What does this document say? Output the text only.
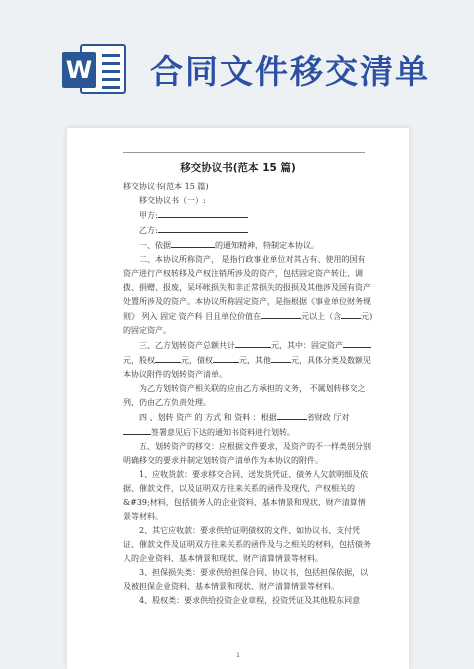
W 合同文件移交清单
移交协议书(范本 15 篇)

移交协议书(范本 15 篇)

移交协议书（一）:

甲方:

乙方:

一、依据	的通知精神，特制定本协议。

二、本协议所称资产， 是指行政事业单位对其占有、使用的国有资产进行产权转移及产权注销所涉及的资产，包括固定资产转让、调拨、捐赠、报废，呆坏帐损失和非正常损失的报损及其他涉及国有资产处置所涉及的资产。本协议所称固定资产，是指根据《事业单位财务规则》 列入 固定 资产科 目且单位价值在	元以上（含	元)的固定资产。

三、乙方划转资产总额共计	元，其中：固定资产元，股权	元，债权	元，其他	元，具体分类及数额见本协议附件的划转资产清单。

为乙方划转资产相关联的应由乙方承担的义务， 不属划转移交之列，仍由乙方负责处理。

四 、划转 资产 的 方式 和 资料 ：根据	省财政 厅对签署意见后下达的通知书资料进行划转。

五、划转资产的移交：应根据文件要求，及资产的不一样类别分别明确移交的要求并制定划转资产清单作为本协议的附件。

1、应收货款：要求移交合同、送发货凭证、债务人欠款明细及依据、催款文件，以及证明双方往来关系的函件及现代、产权相关的&#39;材料，包括债务人的企业资料、基本情景和现状、财产清算情景等材料。

2、其它应收款：要求供给证明债权的文件、如协议书、支付凭证、催款文件及证明双方往来关系的函件及与之相关的材料，包括债务人的企业资料、基本情景和现状、财产清算情景等材料。

3、担保损失类：要求供给担保合同、协议书，包括担保依据，以及被担保企业资料、基本情景和现状、财产清算情景等材料。

4、股权类：要求供给投资企业章程，投资凭证及其他股东同意

1
